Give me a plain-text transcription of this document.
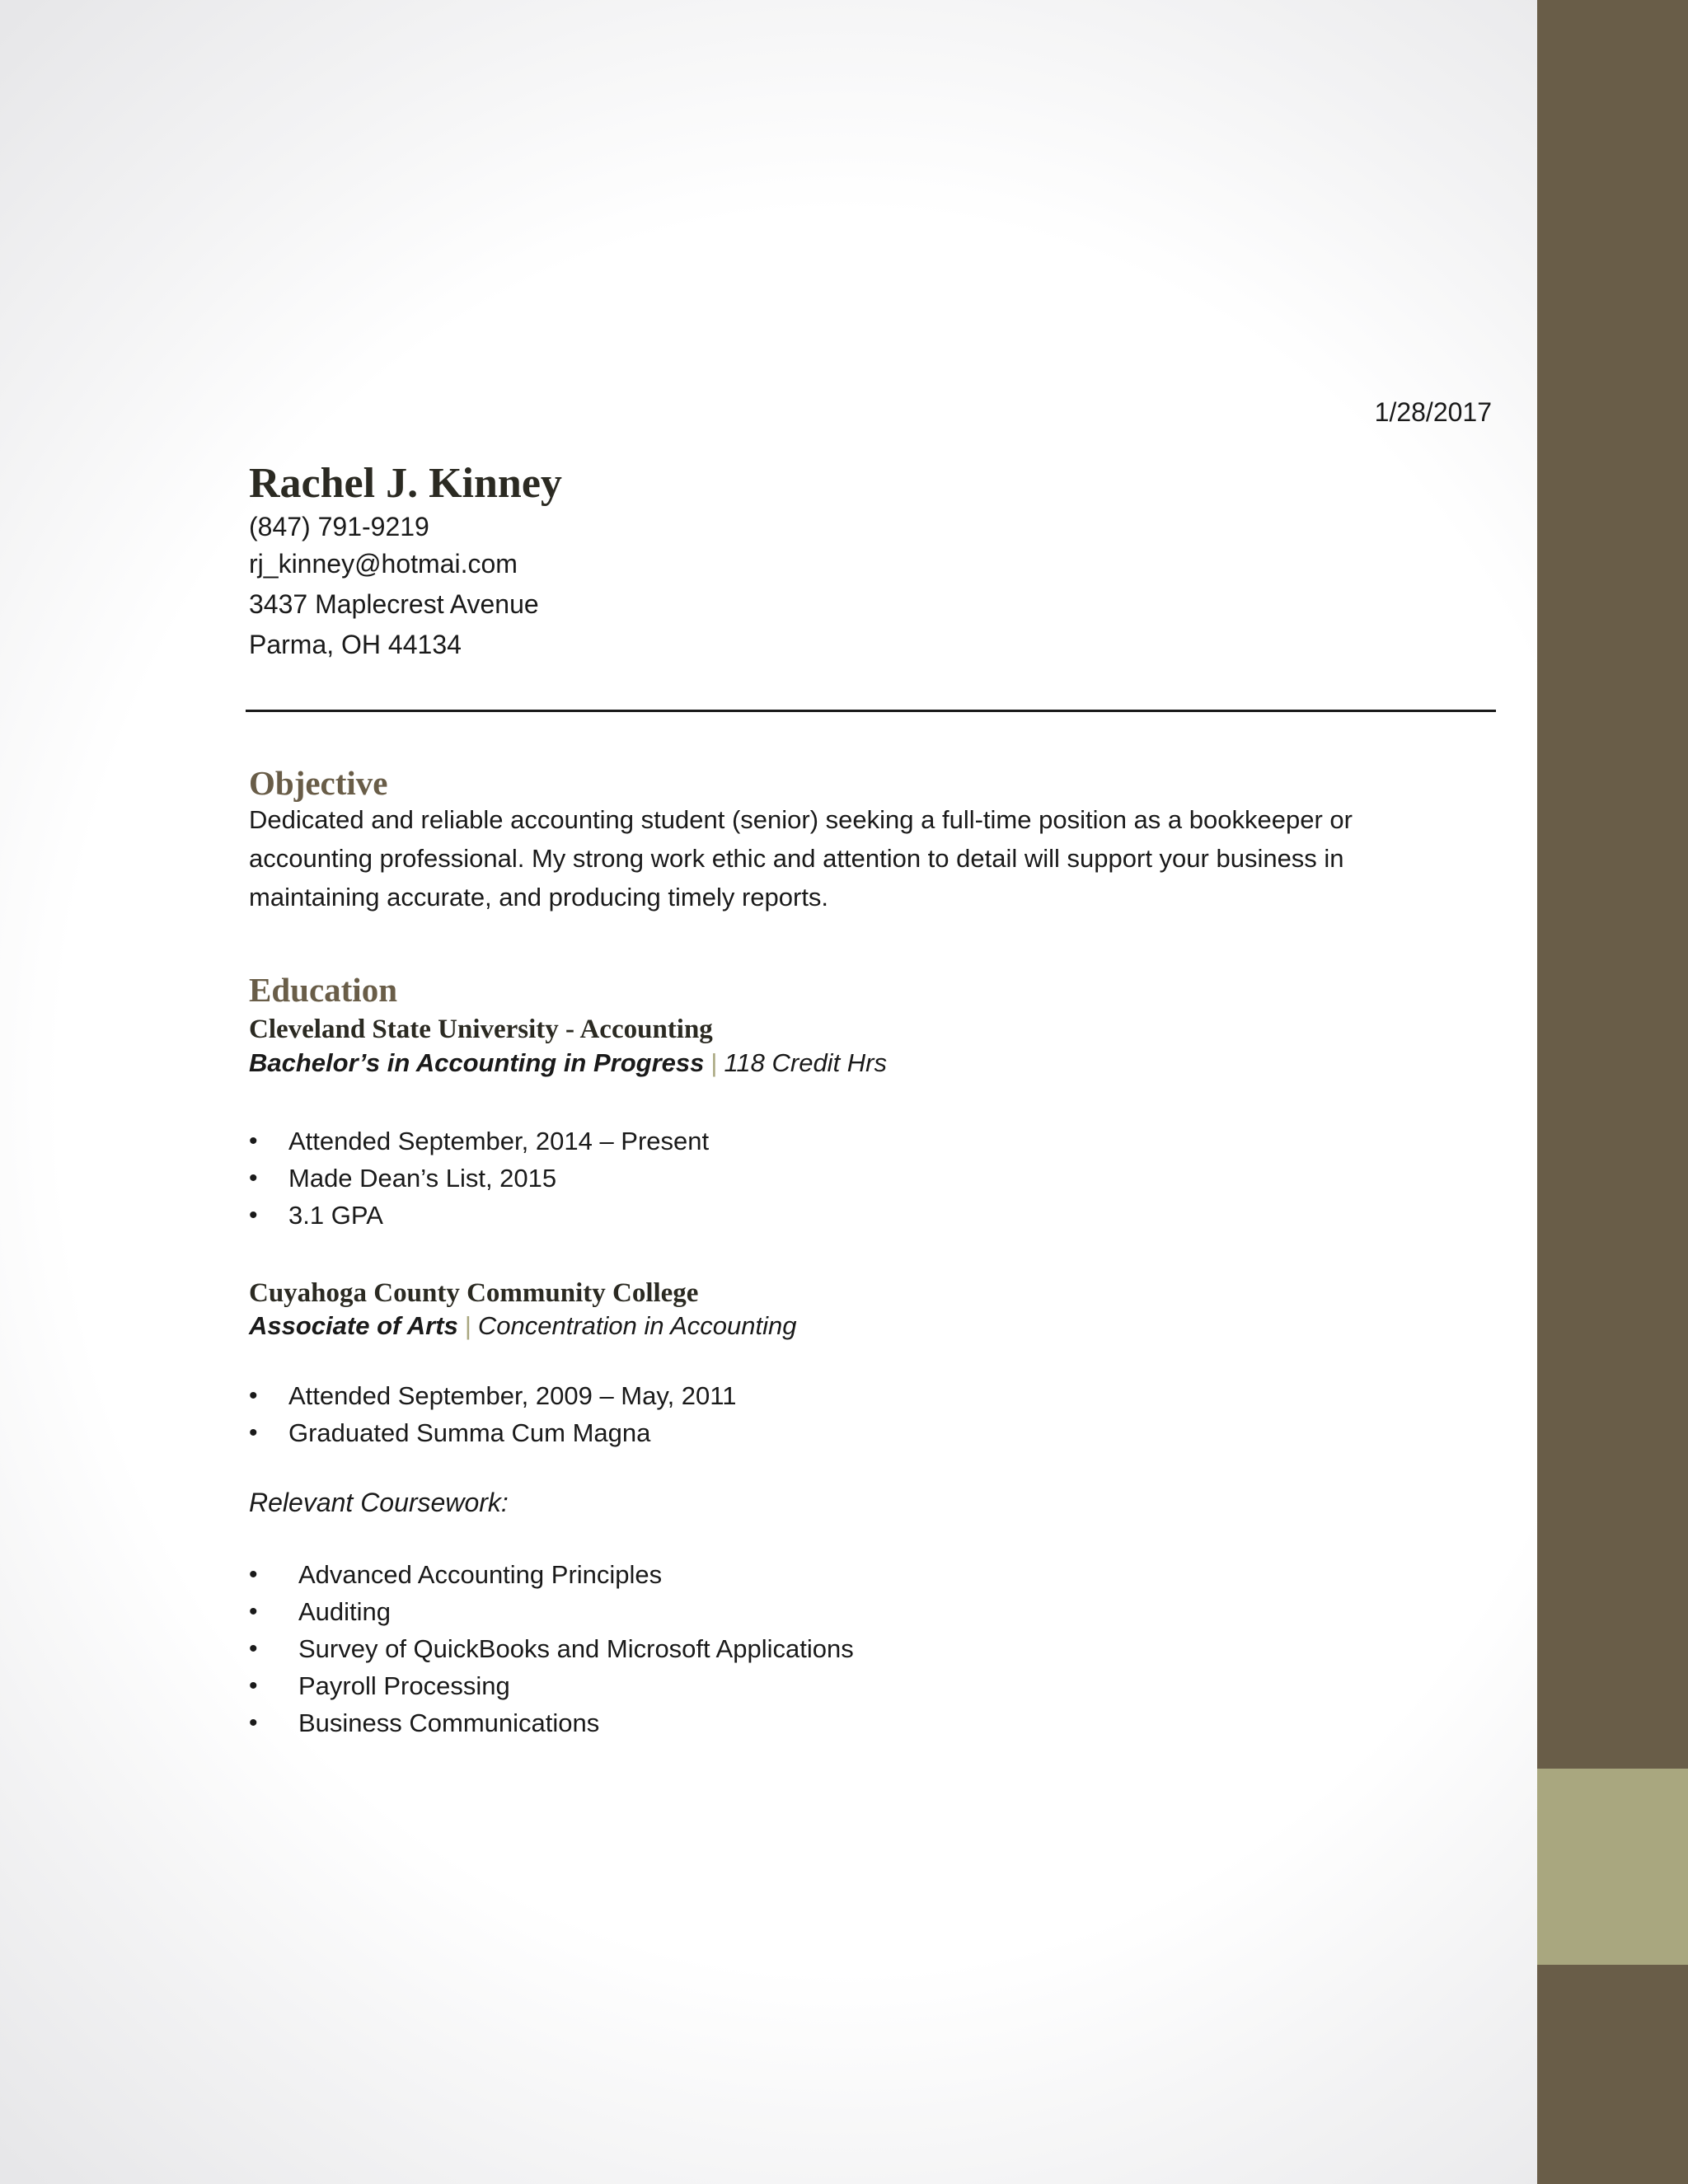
1/28/2017
Rachel J. Kinney
(847) 791-9219
rj_kinney@hotmai.com
3437 Maplecrest Avenue
Parma, OH 44134
Objective
Dedicated and reliable accounting student (senior) seeking a full-time position as a bookkeeper or accounting professional. My strong work ethic and attention to detail will support your business in maintaining accurate, and producing timely reports.
Education
Cleveland State University - Accounting
Bachelor’s in Accounting in Progress | 118 Credit Hrs
• Attended September, 2014 – Present
• Made Dean’s List, 2015
• 3.1 GPA
Cuyahoga County Community College
Associate of Arts | Concentration in Accounting
• Attended September, 2009 – May, 2011
• Graduated Summa Cum Magna
Relevant Coursework:
• Advanced Accounting Principles
• Auditing
• Survey of QuickBooks and Microsoft Applications
• Payroll Processing
• Business Communications
